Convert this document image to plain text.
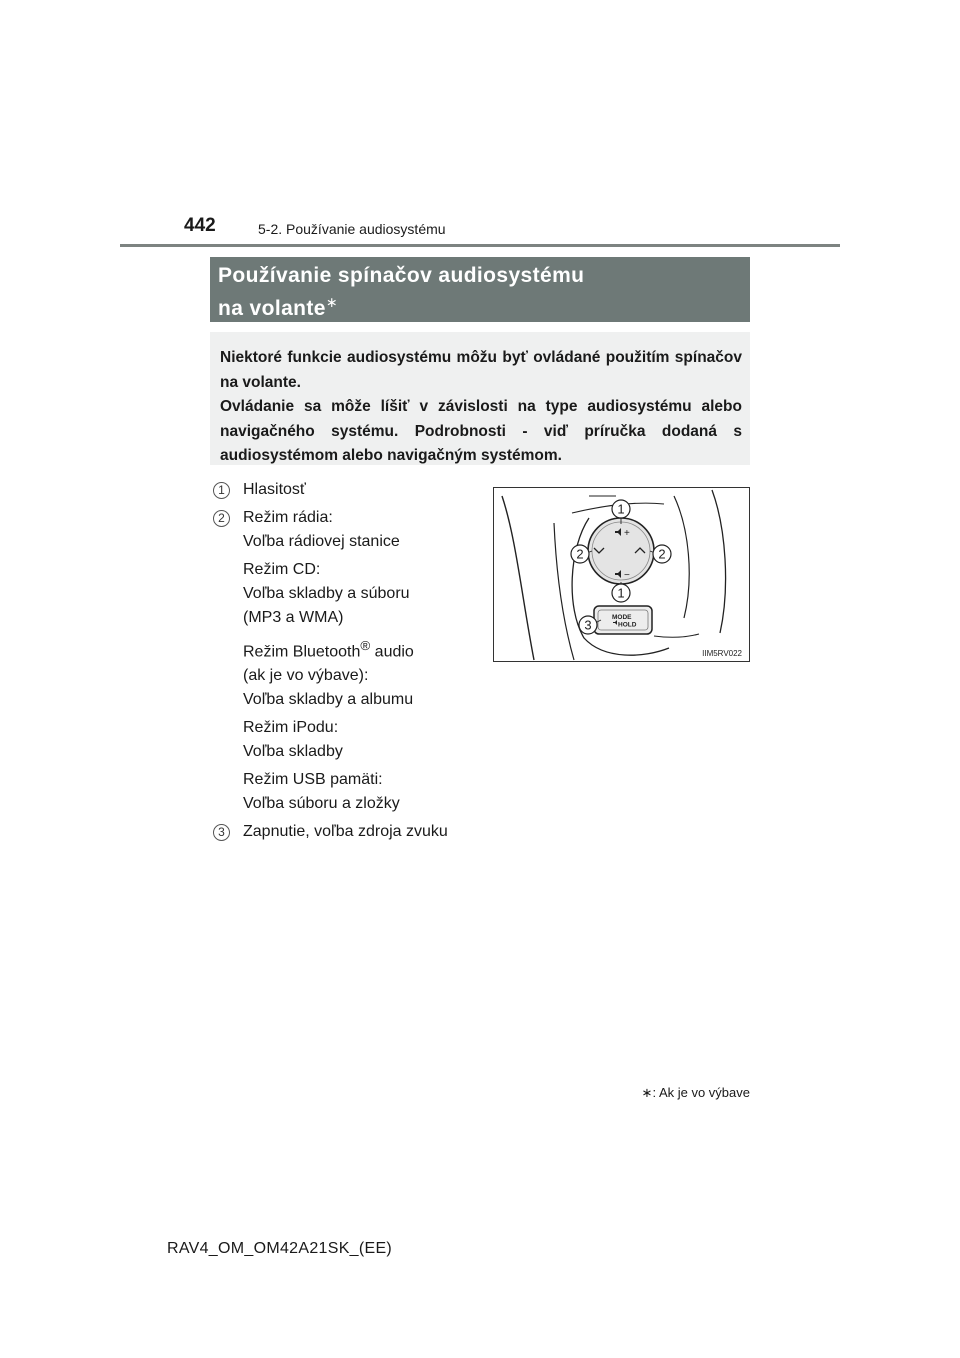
442	5-2. Používanie audiosystému
Používanie spínačov audiosystému
na volante∗

Niektoré funkcie audiosystému môžu byť ovládané použitím spínačov na volante.

Ovládanie sa môže líšiť v závislosti na type audiosystému alebo navigačného systému. Podrobnosti - viď príručka dodaná s audiosystémom alebo navigačným systémom.

1	Hlasitosť
2	Režim rádia:
Voľba rádiovej stanice
Režim CD:
Voľba skladby a súboru
(MP3 a WMA)
Režim Bluetooth® audio
(ak je vo výbave):
Voľba skladby a albumu
Režim iPodu:
Voľba skladby
Režim USB pamäti:
Voľba súboru a zložky
3	Zapnutie, voľba zdroja zvuku
+
−
MODE
HOLD
1
2	2
1
3
IIM5RV022
∗: Ak je vo výbave
RAV4_OM_OM42A21SK_(EE)
